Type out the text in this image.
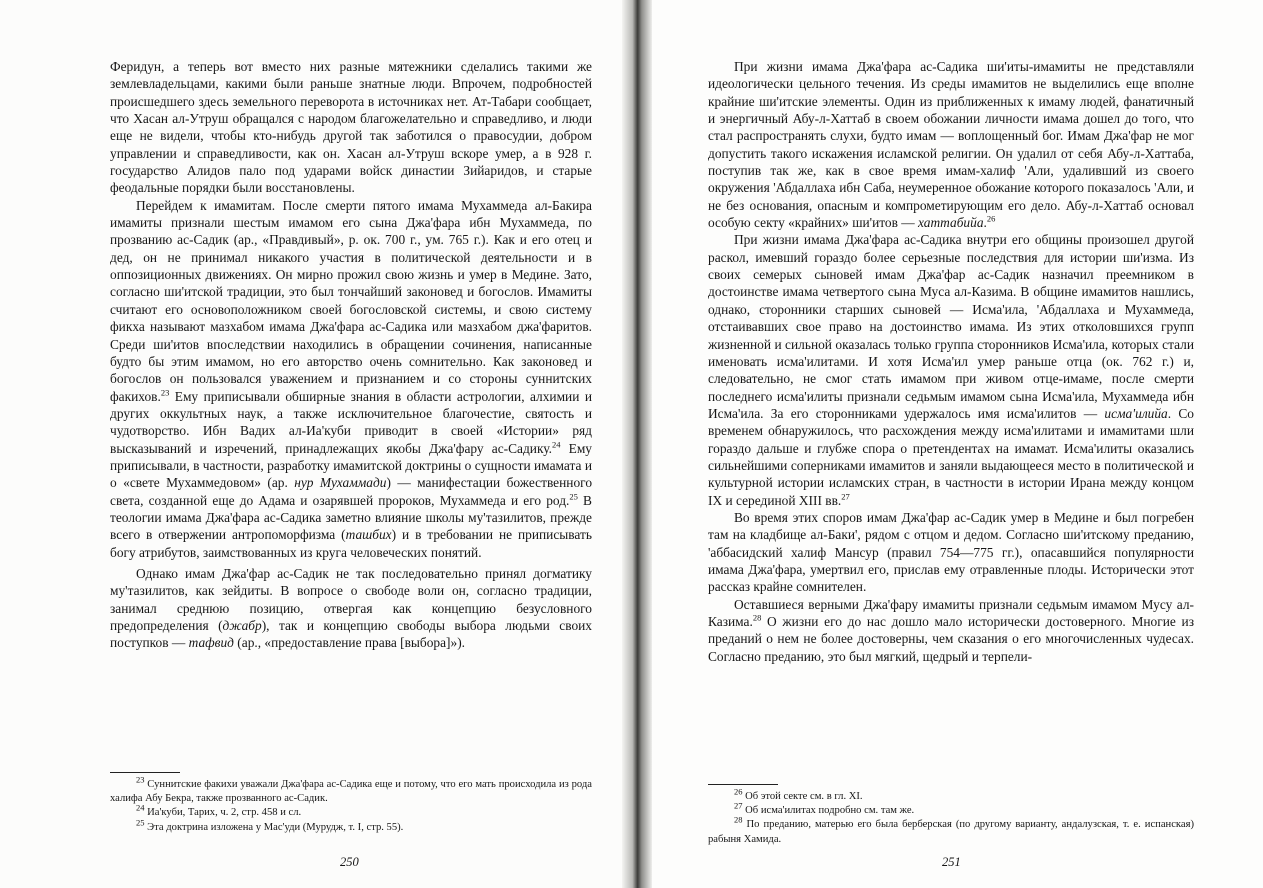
Феридун, а теперь вот вместо них разные мятежники сделались такими же землевладельцами, какими были раньше знатные люди. Впрочем, подробностей происшедшего здесь земельного переворота в источниках нет. Ат-Табари сообщает, что Хасан ал-Утруш обращался с народом благожелательно и справедливо, и люди еще не видели, чтобы кто-нибудь другой так заботился о правосудии, добром управлении и справедливости, как он. Хасан ал-Утруш вскоре умер, а в 928 г. государство Алидов пало под ударами войск династии Зийаридов, и старые феодальные порядки были восстановлены.

Перейдем к имамитам. После смерти пятого имама Мухаммеда ал-Бакира имамиты признали шестым имамом его сына Джа'фара ибн Мухаммеда, по прозванию ас-Садик (ар., «Правдивый», р. ок. 700 г., ум. 765 г.). Как и его отец и дед, он не принимал никакого участия в политической деятельности и в оппозиционных движениях. Он мирно прожил свою жизнь и умер в Медине. Зато, согласно ши'итской традиции, это был тончайший законовед и богослов. Имамиты считают его основоположником своей богословской системы, и свою систему фикха называют мазхабом имама Джа'фара ас-Садика или мазхабом джа'фаритов. Среди ши'итов впоследствии находились в обращении сочинения, написанные будто бы этим имамом, но его авторство очень сомнительно. Как законовед и богослов он пользовался уважением и признанием и со стороны суннитских факихов.$^{23}$ Ему приписывали обширные знания в области астрологии, алхимии и других оккультных наук, а также исключительное благочестие, святость и чудотворство. Ибн Вадих ал-Иа'куби приводит в своей «Истории» ряд высказываний и изречений, принадлежащих якобы Джа'фару ас-Садику.$^{24}$ Ему приписывали, в частности, разработку имамитской доктрины о сущности имамата и о «свете Мухаммедовом» (ар. нур Мухаммади) — манифестации божественного света, созданной еще до Адама и озарявшей пророков, Мухаммеда и его род.$^{25}$ В теологии имама Джа'фара ас-Садика заметно влияние школы му'тазилитов, прежде всего в отвержении антропоморфизма (ташбих) и в требовании не приписывать богу атрибутов, заимствованных из круга человеческих понятий.

Однако имам Джа'фар ас-Садик не так последовательно принял догматику му'тазилитов, как зейдиты. В вопросе о свободе воли он, согласно традиции, занимал среднюю позицию, отвергая как концепцию безусловного предопределения (джабр), так и концепцию свободы выбора людьми своих поступков — тафвид (ар., «предоставление права [выбора]»).

$^{23}$ Суннитские факихи уважали Джа'фара ас-Садика еще и потому, что его мать происходила из рода халифа Абу Бекра, также прозванного ас-Садик.

$^{24}$ Иа'куби, Тарих, ч. 2, стр. 458 и сл.

$^{25}$ Эта доктрина изложена у Мас'уди (Мурудж, т. I, стр. 55).

250

При жизни имама Джа'фара ас-Садика ши'иты-имамиты не представляли идеологически цельного течения. Из среды имамитов не выделились еще вполне крайние ши'итские элементы. Один из приближенных к имаму людей, фанатичный и энергичный Абу-л-Хаттаб в своем обожании личности имама дошел до того, что стал распространять слухи, будто имам — воплощенный бог. Имам Джа'фар не мог допустить такого искажения исламской религии. Он удалил от себя Абу-л-Хаттаба, поступив так же, как в свое время имам-халиф 'Али, удаливший из своего окружения 'Абдаллаха ибн Саба, неумеренное обожание которого показалось 'Али, и не без основания, опасным и компрометирующим его дело. Абу-л-Хаттаб основал особую секту «крайних» ши'итов — хаттабийа.$^{26}$

При жизни имама Джа'фара ас-Садика внутри его общины произошел другой раскол, имевший гораздо более серьезные последствия для истории ши'изма. Из своих семерых сыновей имам Джа'фар ас-Садик назначил преемником в достоинстве имама четвертого сына Муса ал-Казима. В общине имамитов нашлись, однако, сторонники старших сыновей — Исма'ила, 'Абдаллаха и Мухаммеда, отстаивавших свое право на достоинство имама. Из этих отколовшихся групп жизненной и сильной оказалась только группа сторонников Исма'ила, которых стали именовать исма'илитами. И хотя Исма'ил умер раньше отца (ок. 762 г.) и, следовательно, не смог стать имамом при живом отце-имаме, после смерти последнего исма'илиты признали седьмым имамом сына Исма'ила, Мухаммеда ибн Исма'ила. За его сторонниками удержалось имя исма'илитов — исма'илийа. Со временем обнаружилось, что расхождения между исма'илитами и имамитами шли гораздо дальше и глубже спора о претендентах на имамат. Исма'илиты оказались сильнейшими соперниками имамитов и заняли выдающееся место в политической и культурной истории исламских стран, в частности в истории Ирана между концом IX и серединой XIII вв.$^{27}$

Во время этих споров имам Джа'фар ас-Садик умер в Медине и был погребен там на кладбище ал-Баки', рядом с отцом и дедом. Согласно ши'итскому преданию, 'аббасидский халиф Мансур (правил 754—775 гг.), опасавшийся популярности имама Джа'фара, умертвил его, прислав ему отравленные плоды. Исторически этот рассказ крайне сомнителен.

Оставшиеся верными Джа'фару имамиты признали седьмым имамом Мусу ал-Казима.$^{28}$ О жизни его до нас дошло мало исторически достоверного. Многие из преданий о нем не более достоверны, чем сказания о его многочисленных чудесах. Согласно преданию, это был мягкий, щедрый и терпели-

$^{26}$ Об этой секте см. в гл. XI.

$^{27}$ Об исма'илитах подробно см. там же.

$^{28}$ По преданию, матерью его была берберская (по другому варианту, андалузская, т. е. испанская) рабыня Хамида.

251
